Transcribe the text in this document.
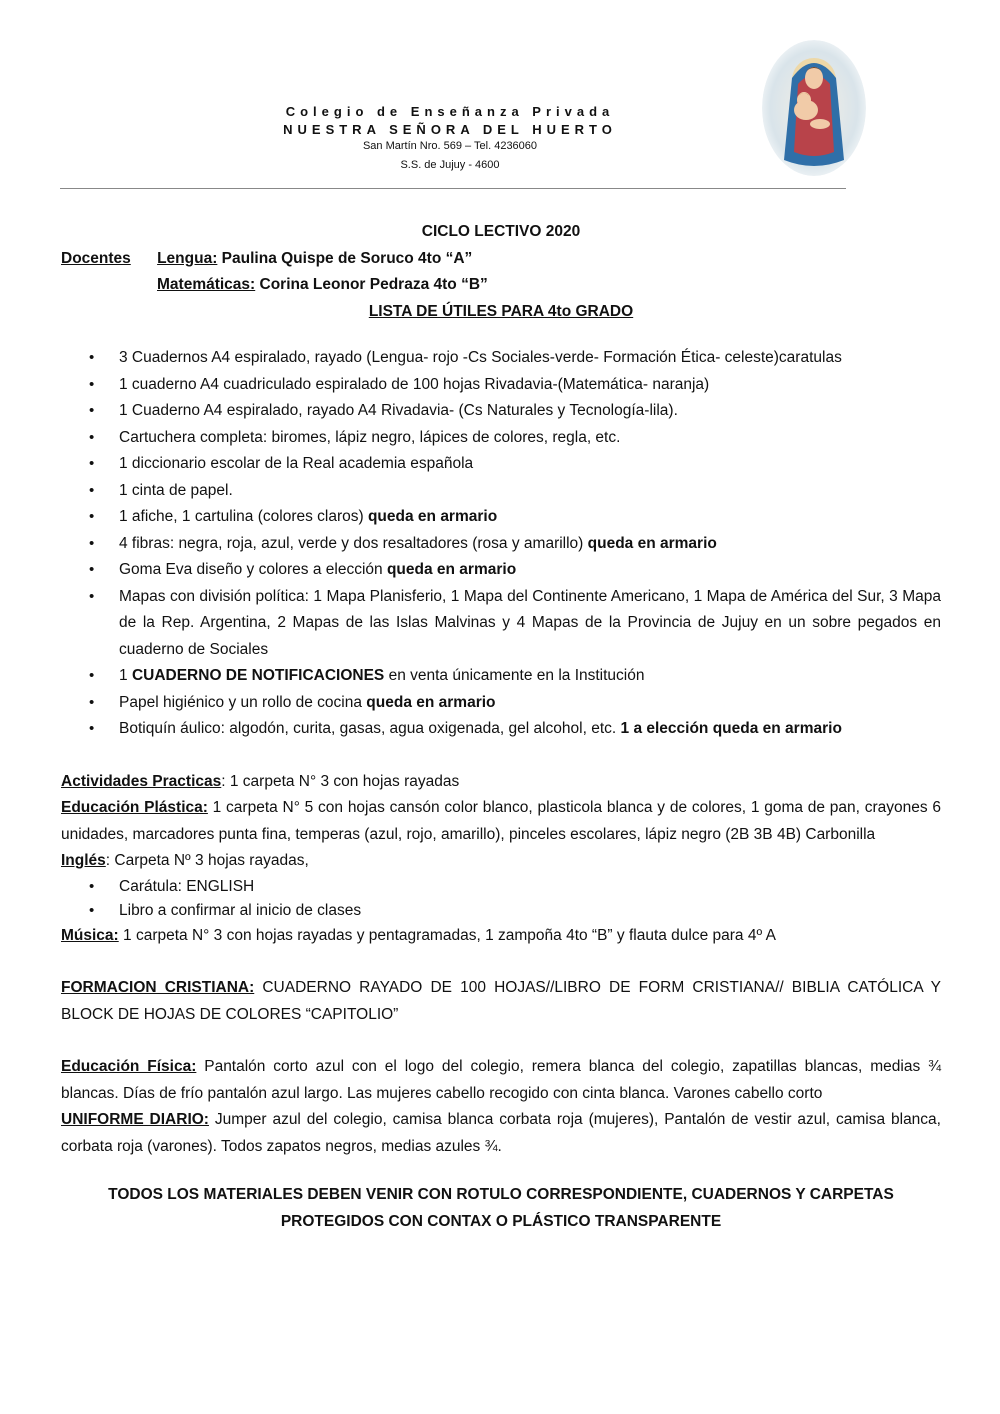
Colegio de Enseñanza Privada
NUESTRA SEÑORA DEL HUERTO
San Martín Nro. 569 – Tel. 4236060
S.S. de Jujuy - 4600
CICLO LECTIVO 2020
Docentes Lengua: Paulina Quispe de Soruco 4to “A”
Matemáticas: Corina Leonor Pedraza 4to “B”
LISTA DE ÚTILES PARA 4to GRADO
• 3 Cuadernos A4 espiralado, rayado (Lengua- rojo -Cs Sociales-verde- Formación Ética- celeste)caratulas
• 1 cuaderno A4 cuadriculado espiralado de 100 hojas Rivadavia-(Matemática- naranja)
• 1 Cuaderno A4 espiralado, rayado A4 Rivadavia- (Cs Naturales y Tecnología-lila).
• Cartuchera completa: biromes, lápiz negro, lápices de colores, regla, etc.
• 1 diccionario escolar de la Real academia española
• 1 cinta de papel.
• 1 afiche, 1 cartulina (colores claros) queda en armario
• 4 fibras: negra, roja, azul, verde y dos resaltadores (rosa y amarillo) queda en armario
• Goma Eva diseño y colores a elección queda en armario
• Mapas con división política: 1 Mapa Planisferio, 1 Mapa del Continente Americano, 1 Mapa de América del Sur, 3 Mapa de la Rep. Argentina, 2 Mapas de las Islas Malvinas y 4 Mapas de la Provincia de Jujuy en un sobre pegados en cuaderno de Sociales
• 1 CUADERNO DE NOTIFICACIONES en venta únicamente en la Institución
• Papel higiénico y un rollo de cocina queda en armario
• Botiquín áulico: algodón, curita, gasas, agua oxigenada, gel alcohol, etc. 1 a elección queda en armario
Actividades Practicas: 1 carpeta N° 3 con hojas rayadas
Educación Plástica: 1 carpeta N° 5 con hojas cansón color blanco, plasticola blanca y de colores, 1 goma de pan, crayones 6 unidades, marcadores punta fina, temperas (azul, rojo, amarillo), pinceles escolares, lápiz negro (2B 3B 4B) Carbonilla
Inglés: Carpeta Nº 3 hojas rayadas,
• Carátula: ENGLISH
• Libro a confirmar al inicio de clases
Música: 1 carpeta N° 3 con hojas rayadas y pentagramadas, 1 zampoña 4to “B” y flauta dulce para 4º A
FORMACION CRISTIANA: CUADERNO RAYADO DE 100 HOJAS//LIBRO DE FORM CRISTIANA// BIBLIA CATÓLICA Y BLOCK DE HOJAS DE COLORES “CAPITOLIO”
Educación Física: Pantalón corto azul con el logo del colegio, remera blanca del colegio, zapatillas blancas, medias ¾ blancas. Días de frío pantalón azul largo. Las mujeres cabello recogido con cinta blanca. Varones cabello corto
UNIFORME DIARIO: Jumper azul del colegio, camisa blanca corbata roja (mujeres), Pantalón de vestir azul, camisa blanca, corbata roja (varones). Todos zapatos negros, medias azules ¾.
TODOS LOS MATERIALES DEBEN VENIR CON ROTULO CORRESPONDIENTE, CUADERNOS Y CARPETAS PROTEGIDOS CON CONTAX O PLÁSTICO TRANSPARENTE
